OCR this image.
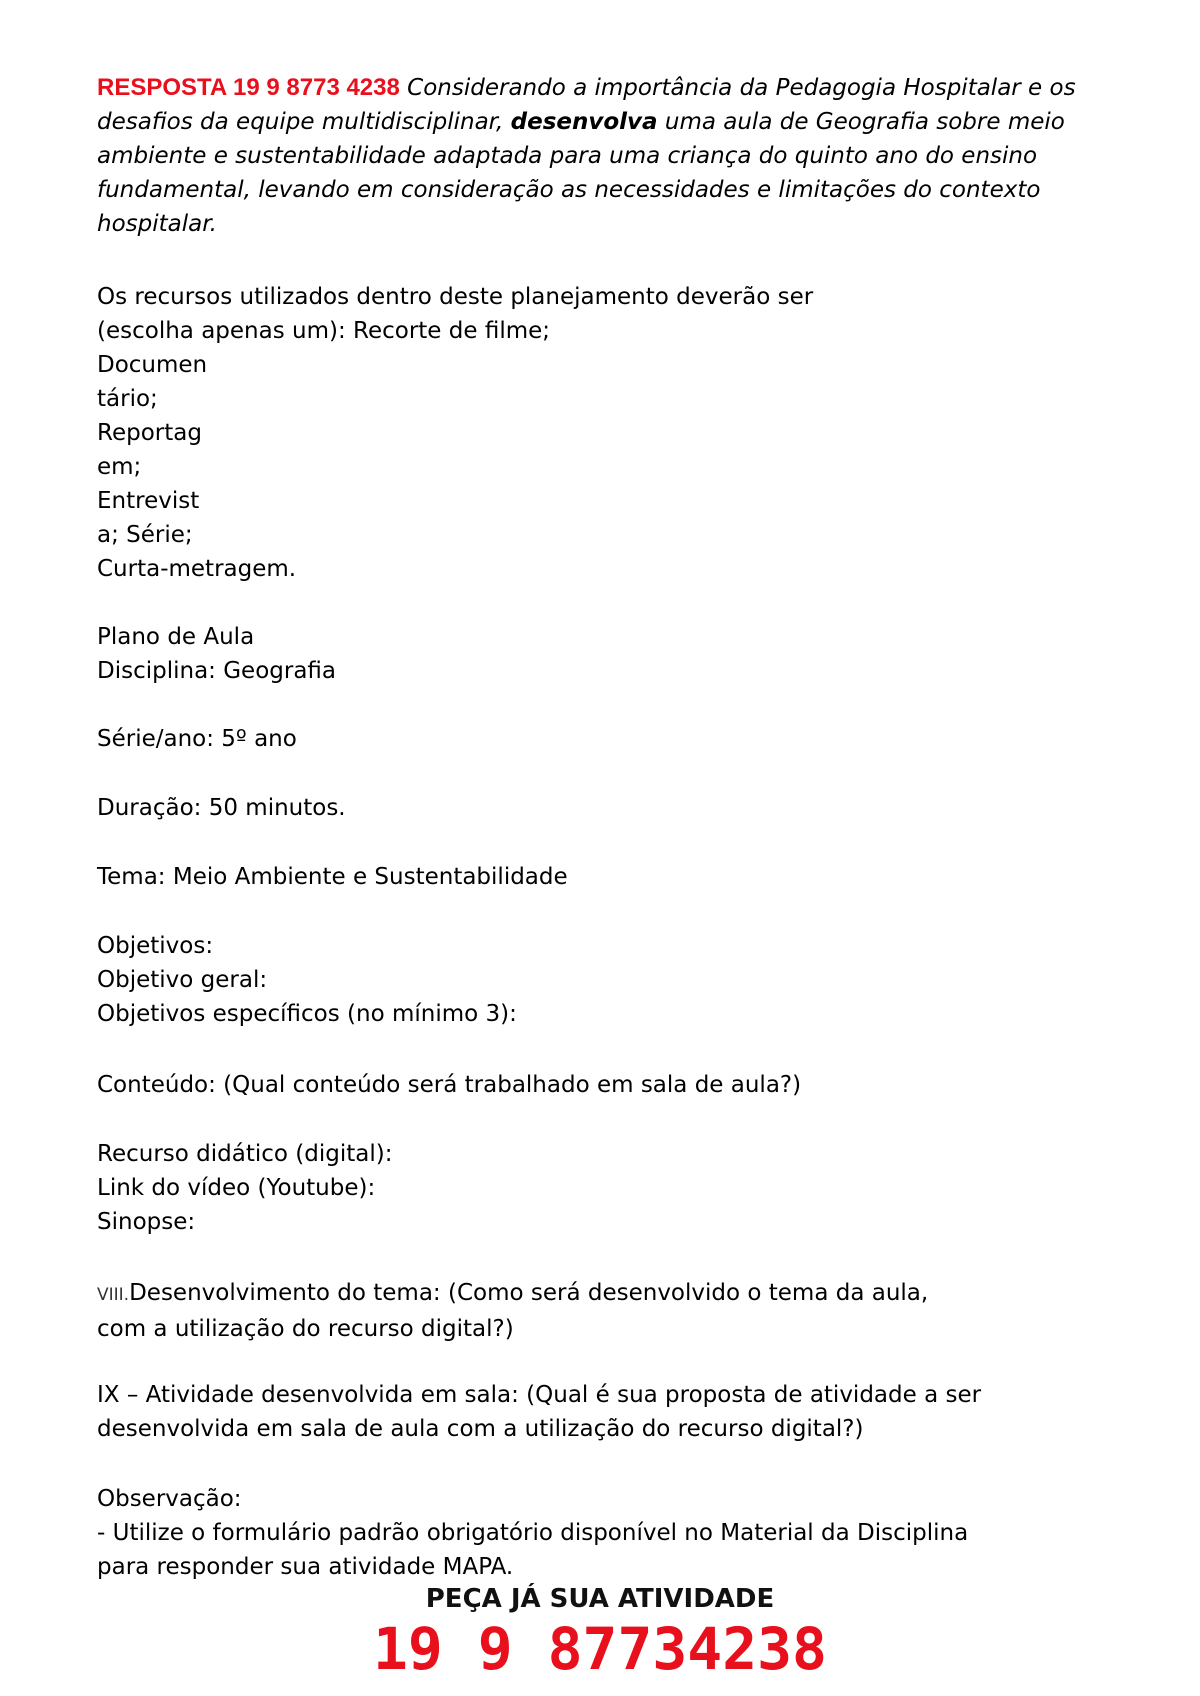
RESPOSTA 19 9 8773 4238 Considerando a importância da Pedagogia Hospitalar e os desafios da equipe multidisciplinar, desenvolva uma aula de Geografia sobre meio ambiente e sustentabilidade adaptada para uma criança do quinto ano do ensino fundamental, levando em consideração as necessidades e limitações do contexto hospitalar.
Os recursos utilizados dentro deste planejamento deverão ser
(escolha apenas um): Recorte de filme;
Documen
tário;
Reportag
em;
Entrevist
a; Série;
Curta-metragem.
Plano de Aula
Disciplina: Geografia
Série/ano: 5º ano
Duração: 50 minutos.
Tema: Meio Ambiente e Sustentabilidade
Objetivos:
Objetivo geral:
Objetivos específicos (no mínimo 3):
Conteúdo: (Qual conteúdo será trabalhado em sala de aula?)
Recurso didático (digital):
Link do vídeo (Youtube):
Sinopse:
VIII.Desenvolvimento do tema: (Como será desenvolvido o tema da aula,
com a utilização do recurso digital?)
IX – Atividade desenvolvida em sala: (Qual é sua proposta de atividade a ser
desenvolvida em sala de aula com a utilização do recurso digital?)
Observação:
- Utilize o formulário padrão obrigatório disponível no Material da Disciplina
para responder sua atividade MAPA.
PEÇA JÁ SUA ATIVIDADE
19 9 87734238
